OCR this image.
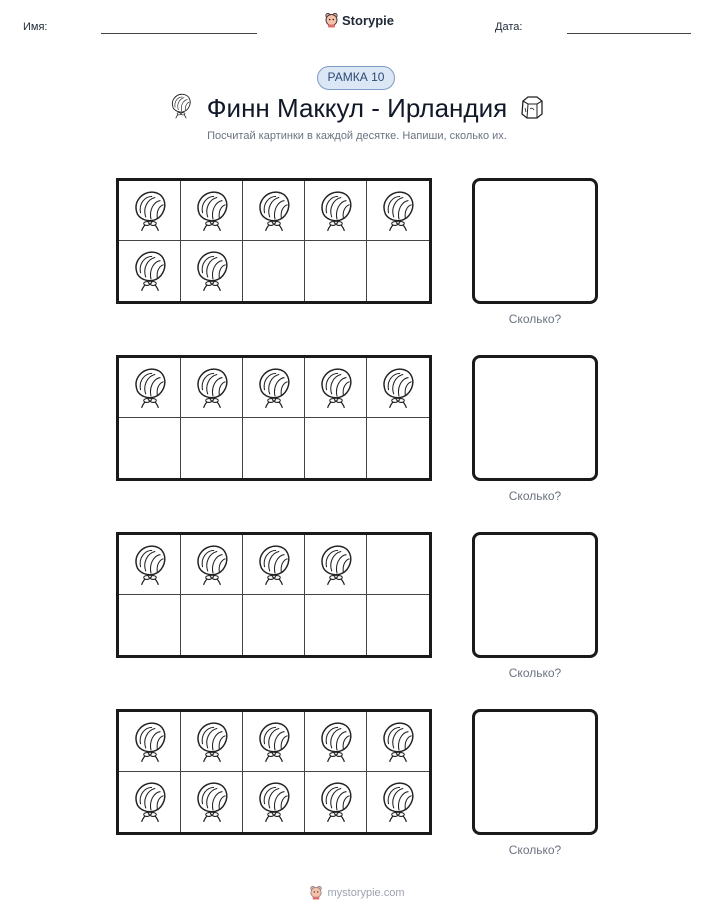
Имя:	Storypie	Дата:
РАМКА 10
Финн Маккул - Ирландия
Посчитай картинки в каждой десятке. Напиши, сколько их.
Сколько?
Сколько?
Сколько?
Сколько?
mystorypie.com
